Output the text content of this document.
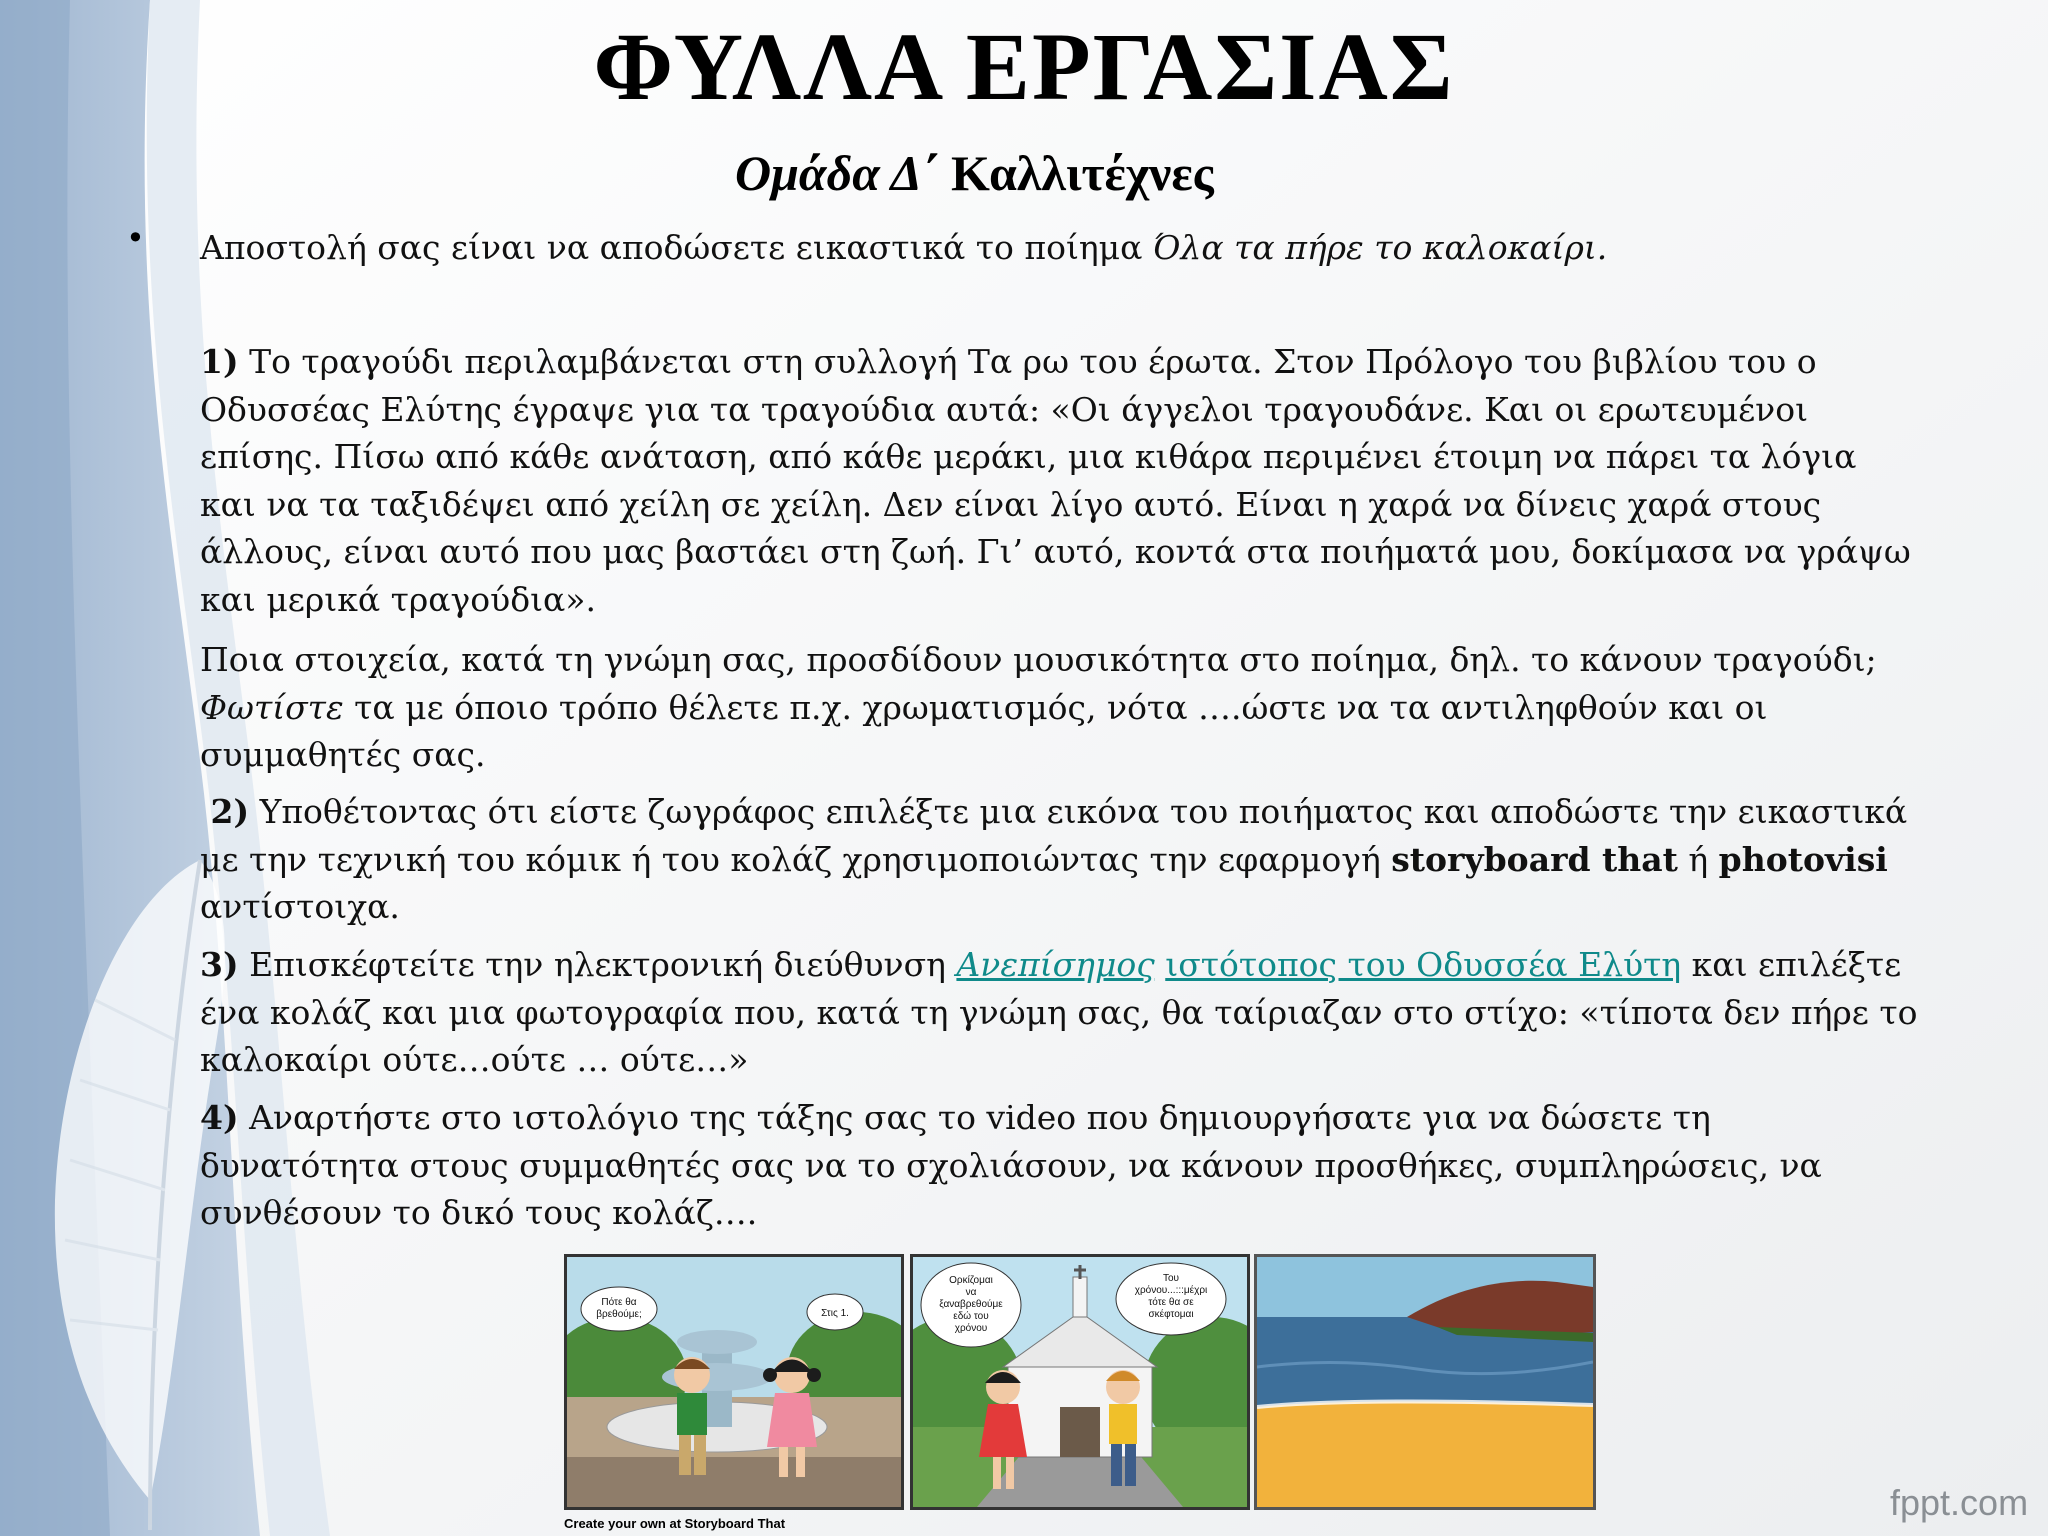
ΦΥΛΛΑ ΕΡΓΑΣΙΑΣ
Ομάδα Δ΄ Καλλιτέχνες
• Αποστολή σας είναι να αποδώσετε εικαστικά το ποίημα Όλα τα πήρε το καλοκαίρι.
1) Το τραγούδι περιλαμβάνεται στη συλλογή Τα ρω του έρωτα. Στον Πρόλογο του βιβλίου του ο Οδυσσέας Ελύτης έγραψε για τα τραγούδια αυτά: «Οι άγγελοι τραγουδάνε. Και οι ερωτευμένοι επίσης. Πίσω από κάθε ανάταση, από κάθε μεράκι, μια κιθάρα περιμένει έτοιμη να πάρει τα λόγια και να τα ταξιδέψει από χείλη σε χείλη. Δεν είναι λίγο αυτό. Είναι η χαρά να δίνεις χαρά στους άλλους, είναι αυτό που μας βαστάει στη ζωή. Γι’ αυτό, κοντά στα ποιήματά μου, δοκίμασα να γράψω και μερικά τραγούδια».
Ποια στοιχεία, κατά τη γνώμη σας, προσδίδουν μουσικότητα στο ποίημα, δηλ. το κάνουν τραγούδι; Φωτίστε τα με όποιο τρόπο θέλετε π.χ. χρωματισμός, νότα ….ώστε να τα αντιληφθούν και οι συμμαθητές σας.
2) Υποθέτοντας ότι είστε ζωγράφος επιλέξτε μια εικόνα του ποιήματος και αποδώστε την εικαστικά με την τεχνική του κόμικ ή του κολάζ χρησιμοποιώντας την εφαρμογή storyboard that ή photovisi αντίστοιχα.
3) Επισκέφτείτε την ηλεκτρονική διεύθυνση Ανεπίσημος ιστότοπος του Οδυσσέα Ελύτη και επιλέξτε ένα κολάζ και μια φωτογραφία που, κατά τη γνώμη σας, θα ταίριαζαν στο στίχο: «τίποτα δεν πήρε το καλοκαίρι ούτε…ούτε … ούτε…»
4) Αναρτήστε στο ιστολόγιο της τάξης σας το video που δημιουργήσατε για να δώσετε τη δυνατότητα στους συμμαθητές σας να το σχολιάσουν, να κάνουν προσθήκες, συμπληρώσεις, να συνθέσουν το δικό τους κολάζ….
Πότε θα
βρεθούμε;	Στις 1.
Ορκίζομαι
να
ξαναβρεθούμε
εδώ του
χρόνου
Του
χρόνου...:::μέχρι
τότε θα σε
σκέφτομαι
Create your own at Storyboard That
fppt.com
